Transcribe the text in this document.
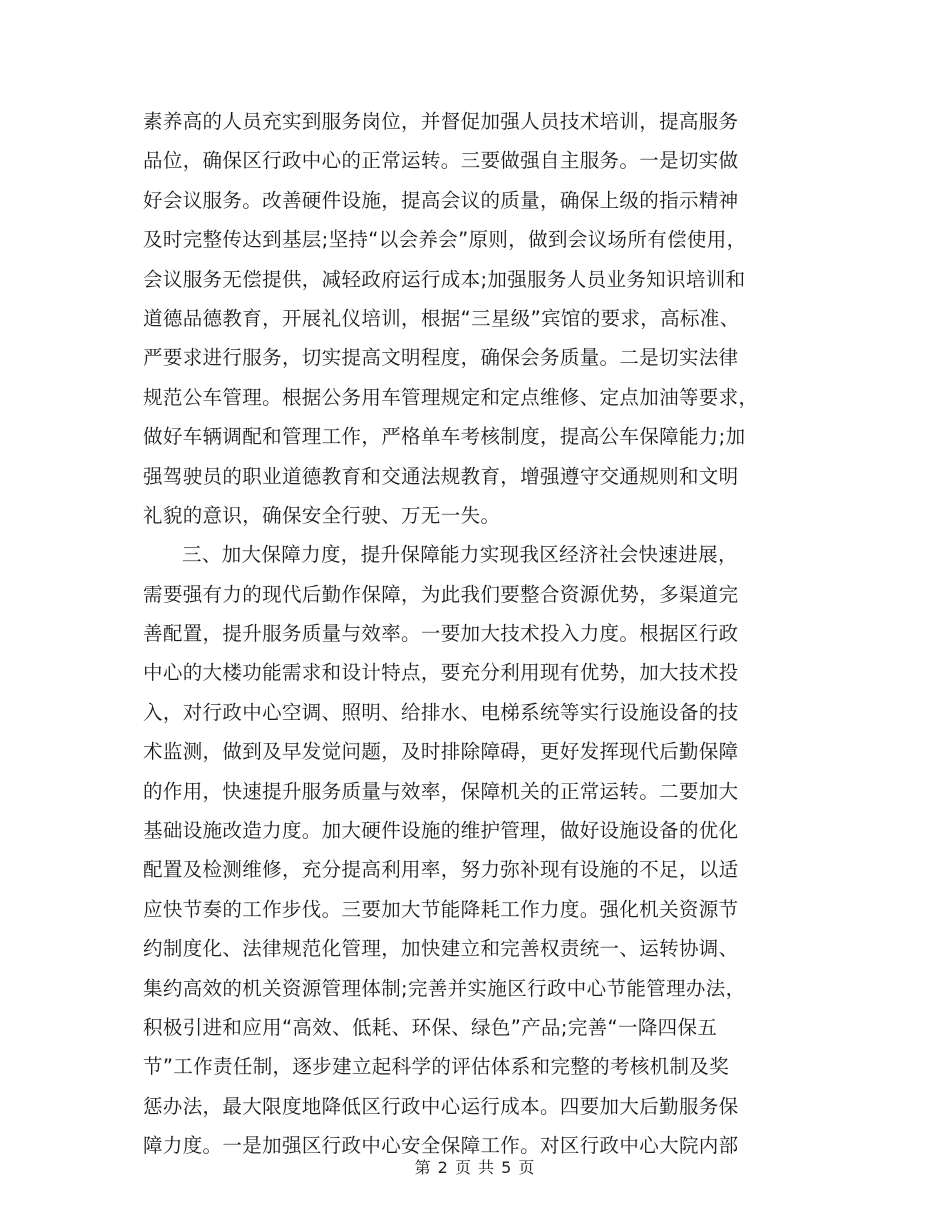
素养高的人员充实到服务岗位，并督促加强人员技术培训，提高服务
品位，确保区行政中心的正常运转。三要做强自主服务。一是切实做
好会议服务。改善硬件设施，提高会议的质量，确保上级的指示精神
及时完整传达到基层;坚持“以会养会”原则，做到会议场所有偿使用，
会议服务无偿提供，减轻政府运行成本;加强服务人员业务知识培训和
道德品德教育，开展礼仪培训，根据“三星级”宾馆的要求，高标准、
严要求进行服务，切实提高文明程度，确保会务质量。二是切实法律
规范公车管理。根据公务用车管理规定和定点维修、定点加油等要求，
做好车辆调配和管理工作，严格单车考核制度，提高公车保障能力;加
强驾驶员的职业道德教育和交通法规教育，增强遵守交通规则和文明
礼貌的意识，确保安全行驶、万无一失。
三、加大保障力度，提升保障能力实现我区经济社会快速进展，
需要强有力的现代后勤作保障，为此我们要整合资源优势，多渠道完
善配置，提升服务质量与效率。一要加大技术投入力度。根据区行政
中心的大楼功能需求和设计特点，要充分利用现有优势，加大技术投
入，对行政中心空调、照明、给排水、电梯系统等实行设施设备的技
术监测，做到及早发觉问题，及时排除障碍，更好发挥现代后勤保障
的作用，快速提升服务质量与效率，保障机关的正常运转。二要加大
基础设施改造力度。加大硬件设施的维护管理，做好设施设备的优化
配置及检测维修，充分提高利用率，努力弥补现有设施的不足，以适
应快节奏的工作步伐。三要加大节能降耗工作力度。强化机关资源节
约制度化、法律规范化管理，加快建立和完善权责统一、运转协调、
集约高效的机关资源管理体制;完善并实施区行政中心节能管理办法，
积极引进和应用“高效、低耗、环保、绿色”产品;完善“一降四保五
节”工作责任制，逐步建立起科学的评估体系和完整的考核机制及奖
惩办法，最大限度地降低区行政中心运行成本。四要加大后勤服务保
障力度。一是加强区行政中心安全保障工作。对区行政中心大院内部
第 2 页 共 5 页
